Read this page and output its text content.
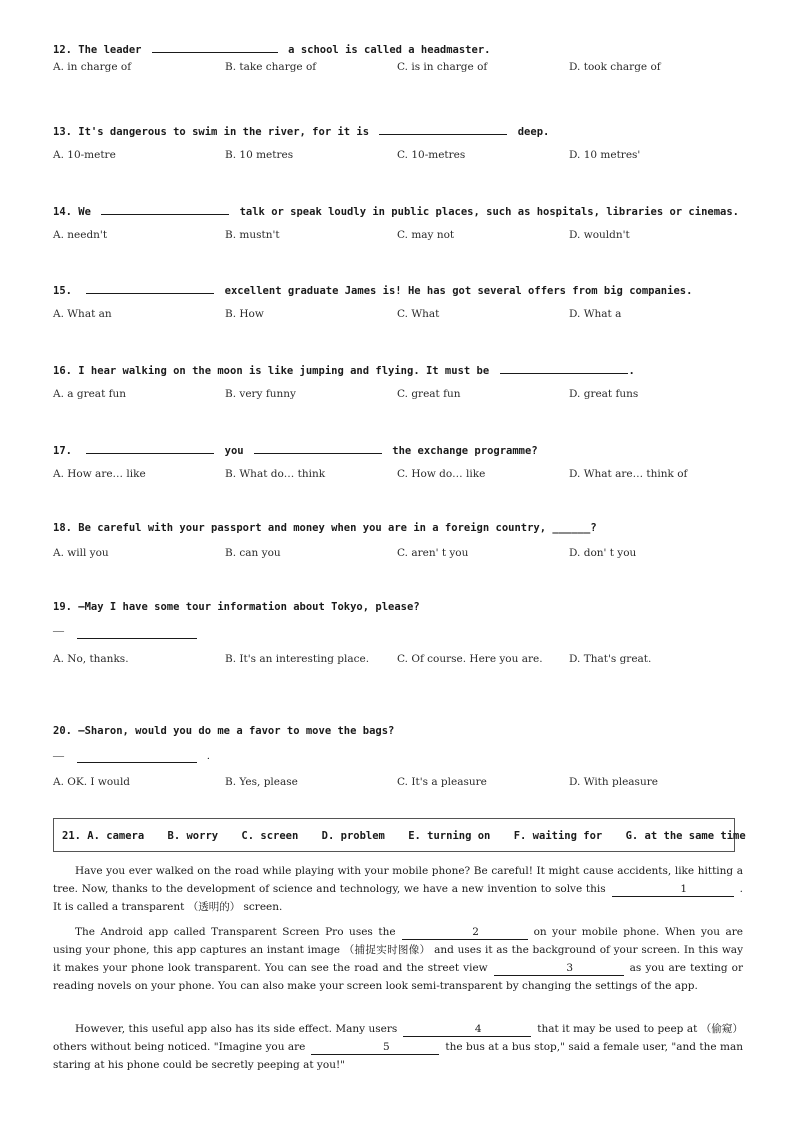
12. The leader	a school is called a headmaster.
A. in charge of	B. take charge of	C. is in charge of	D. took charge of
13. It's dangerous to swim in the river, for it is	deep.
A. 10-metre	B. 10 metres	C. 10-metres	D. 10 metres'
14. We	talk or speak loudly in public places, such as hospitals, libraries or cinemas.
A. needn't	B. mustn't	C. may not	D. wouldn't
15.	excellent graduate James is! He has got several offers from big companies.
A. What an	B. How	C. What	D. What a
16. I hear walking on the moon is like jumping and flying. It must be	.
A. a great fun	B. very funny	C. great fun	D. great funs
17.	you	the exchange programme?
A. How are… like	B. What do… think	C. How do… like	D. What are… think of
18. Be careful with your passport and money when you are in a foreign country, ______?
A. will you	B. can you	C. aren' t you	D. don' t you
19. —May I have some tour information about Tokyo, please?
—
A. No, thanks.	B. It's an interesting place.	C. Of course. Here you are.	D. That's great.
20. —Sharon, would you do me a favor to move the bags?
—	.
A. OK. I would	B. Yes, please	C. It's a pleasure	D. With pleasure
21. A. camera B. worry C. screen D. problem E. turning on F. waiting for G. at the same time
Have you ever walked on the road while playing with your mobile phone? Be careful! It might cause accidents, like hitting a tree. Now, thanks to the development of science and technology, we have a new invention to solve this	1	. It is called a transparent （透明的） screen.
The Android app called Transparent Screen Pro uses the	2	on your mobile phone. When you are using your phone, this app captures an instant image （捕捉实时图像） and uses it as the background of your screen. In this way it makes your phone look transparent. You can see the road and the street view	3	as you are texting or reading novels on your phone. You can also make your screen look semi-transparent by changing the settings of the app.
However, this useful app also has its side effect. Many users	4	that it may be used to peep at （偷窥） others without being noticed. "Imagine you are	5	the bus at a bus stop," said a female user, "and the man staring at his phone could be secretly peeping at you!"
